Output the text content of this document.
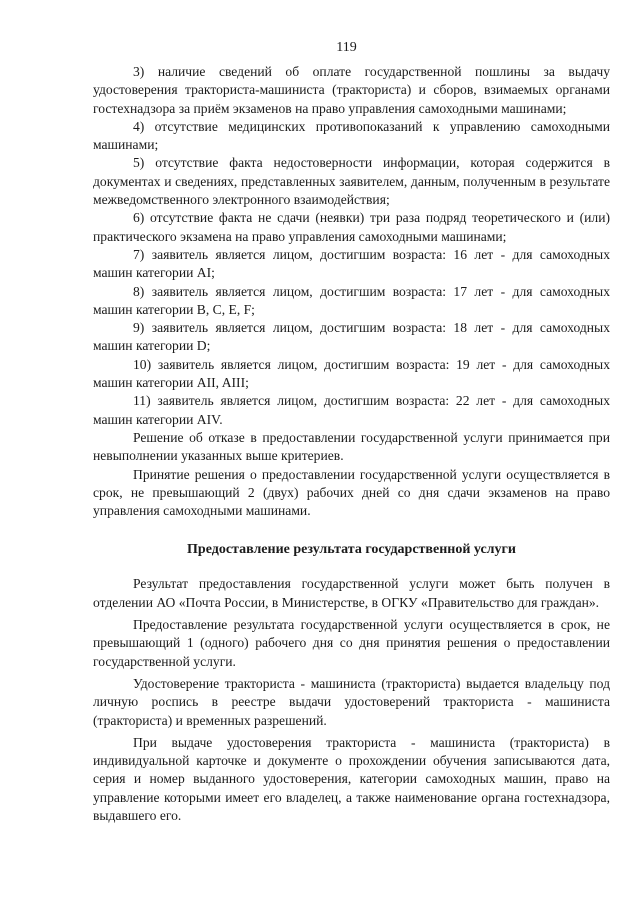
119

3) наличие сведений об оплате государственной пошлины за выдачу удостоверения тракториста-машиниста (тракториста) и сборов, взимаемых органами гостехнадзора за приём экзаменов на право управления самоходными машинами;

4) отсутствие медицинских противопоказаний к управлению самоходными машинами;

5) отсутствие факта недостоверности информации, которая содержится в документах и сведениях, представленных заявителем, данным, полученным в результате межведомственного электронного взаимодействия;

6) отсутствие факта не сдачи (неявки) три раза подряд теоретического и (или) практического экзамена на право управления самоходными машинами;

7) заявитель является лицом, достигшим возраста: 16 лет - для самоходных машин категории AI;

8) заявитель является лицом, достигшим возраста: 17 лет - для самоходных машин категории B, C, E, F;

9) заявитель является лицом, достигшим возраста: 18 лет - для самоходных машин категории D;

10) заявитель является лицом, достигшим возраста: 19 лет - для самоходных машин категории AII, AIII;

11) заявитель является лицом, достигшим возраста: 22 лет - для самоходных машин категории AIV.

Решение об отказе в предоставлении государственной услуги принимается при невыполнении указанных выше критериев.

Принятие решения о предоставлении государственной услуги осуществляется в срок, не превышающий 2 (двух) рабочих дней со дня сдачи экзаменов на право управления самоходными машинами.

Предоставление результата государственной услуги

Результат предоставления государственной услуги может быть получен в отделении АО «Почта России, в Министерстве, в ОГКУ «Правительство для граждан».

Предоставление результата государственной услуги осуществляется в срок, не превышающий 1 (одного) рабочего дня со дня принятия решения о предоставлении государственной услуги.

Удостоверение тракториста - машиниста (тракториста) выдается владельцу под личную роспись в реестре выдачи удостоверений тракториста - машиниста (тракториста) и временных разрешений.

При выдаче удостоверения тракториста - машиниста (тракториста) в индивидуальной карточке и документе о прохождении обучения записываются дата, серия и номер выданного удостоверения, категории самоходных машин, право на управление которыми имеет его владелец, а также наименование органа гостехнадзора, выдавшего его.
